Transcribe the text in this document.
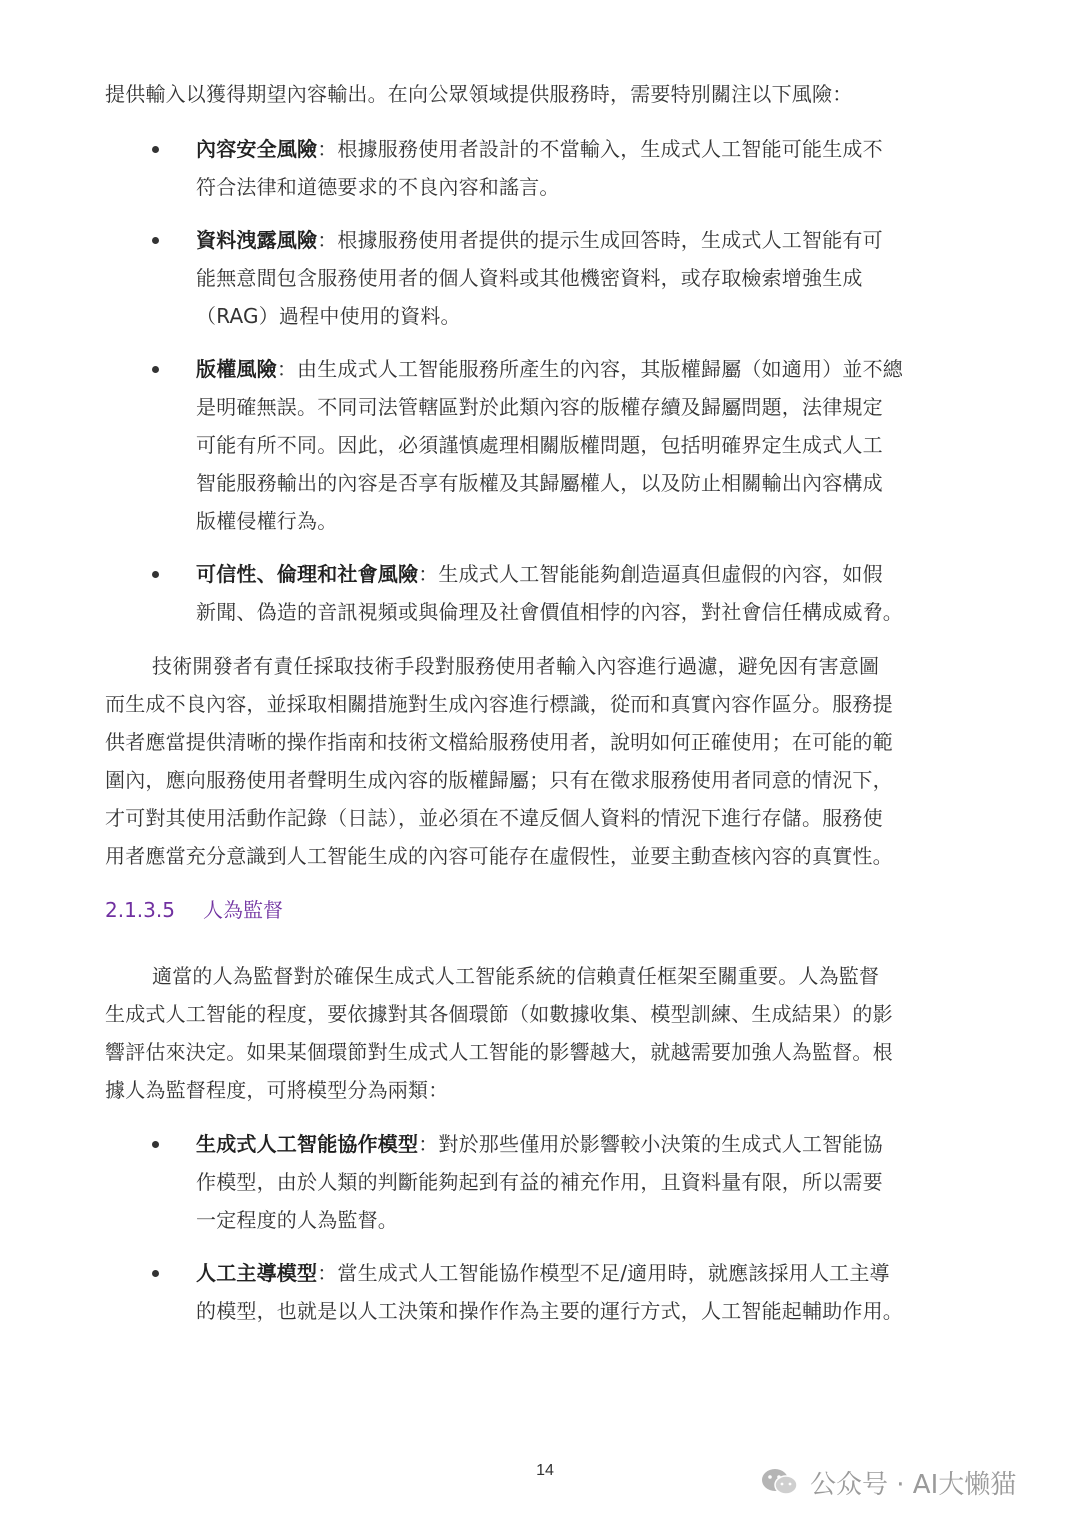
提供輸入以獲得期望內容輸出。在向公眾領域提供服務時，需要特別關注以下風險：
內容安全風險：根據服務使用者設計的不當輸入，生成式人工智能可能生成不
符合法律和道德要求的不良內容和謠言。
資料洩露風險：根據服務使用者提供的提示生成回答時，生成式人工智能有可
能無意間包含服務使用者的個人資料或其他機密資料，或存取檢索增強生成
（RAG）過程中使用的資料。
版權風險：由生成式人工智能服務所產生的內容，其版權歸屬（如適用）並不總
是明確無誤。不同司法管轄區對於此類內容的版權存續及歸屬問題，法律規定
可能有所不同。因此，必須謹慎處理相關版權問題，包括明確界定生成式人工
智能服務輸出的內容是否享有版權及其歸屬權人，以及防止相關輸出內容構成
版權侵權行為。
可信性、倫理和社會風險：生成式人工智能能夠創造逼真但虛假的內容，如假
新聞、偽造的音訊視頻或與倫理及社會價值相悖的內容，對社會信任構成威脅。
技術開發者有責任採取技術手段對服務使用者輸入內容進行過濾，避免因有害意圖
而生成不良內容，並採取相關措施對生成內容進行標識，從而和真實內容作區分。服務提
供者應當提供清晰的操作指南和技術文檔給服務使用者，說明如何正確使用；在可能的範
圍內，應向服務使用者聲明生成內容的版權歸屬；只有在徵求服務使用者同意的情況下，
才可對其使用活動作記錄（日誌），並必須在不違反個人資料的情況下進行存儲。服務使
用者應當充分意識到人工智能生成的內容可能存在虛假性，並要主動查核內容的真實性。
2.1.3.5 人為監督
適當的人為監督對於確保生成式人工智能系統的信賴責任框架至關重要。人為監督
生成式人工智能的程度，要依據對其各個環節（如數據收集、模型訓練、生成結果）的影
響評估來決定。如果某個環節對生成式人工智能的影響越大，就越需要加強人為監督。根
據人為監督程度，可將模型分為兩類：
生成式人工智能協作模型：對於那些僅用於影響較小決策的生成式人工智能協
作模型，由於人類的判斷能夠起到有益的補充作用，且資料量有限，所以需要
一定程度的人為監督。
人工主導模型：當生成式人工智能協作模型不足/適用時，就應該採用人工主導
的模型，也就是以人工決策和操作作為主要的運行方式，人工智能起輔助作用。
14	公众号 · AI大懒猫
